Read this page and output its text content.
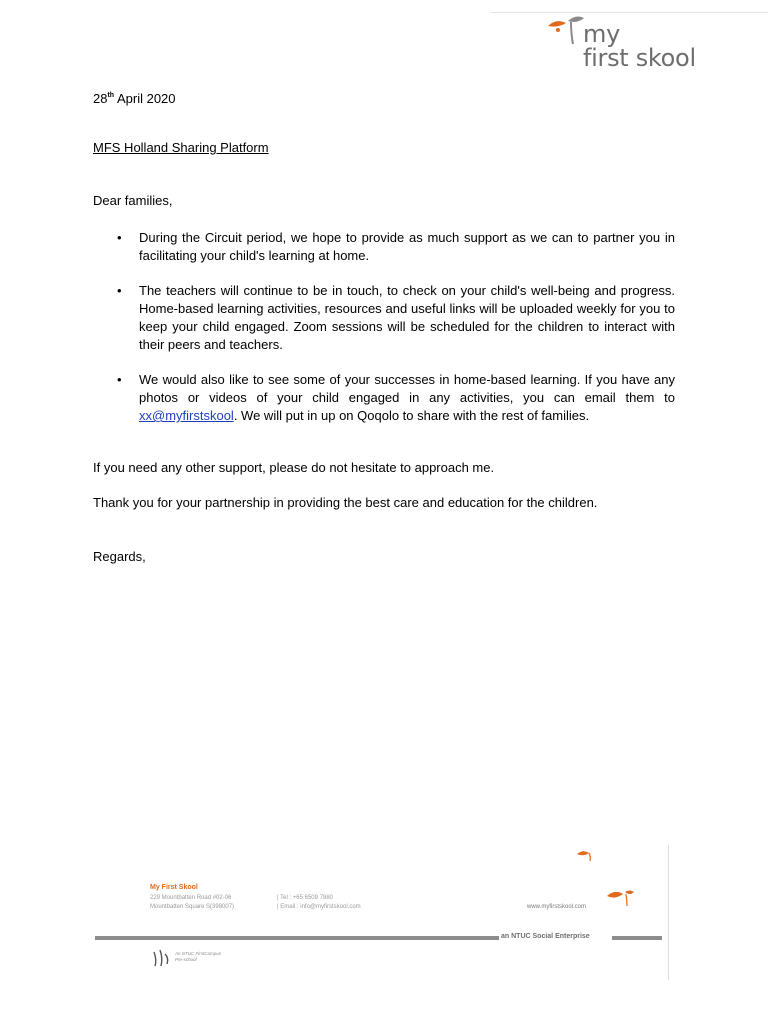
my
first skool
28th April 2020
MFS Holland Sharing Platform
Dear families,
• During the Circuit period, we hope to provide as much support as we can to partner you in facilitating your child's learning at home.
• The teachers will continue to be in touch, to check on your child's well-being and progress. Home-based learning activities, resources and useful links will be uploaded weekly for you to keep your child engaged. Zoom sessions will be scheduled for the children to interact with their peers and teachers.
• We would also like to see some of your successes in home-based learning. If you have any photos or videos of your child engaged in any activities, you can email them to xx@myfirstskool. We will put in up on Qoqolo to share with the rest of families.
If you need any other support, please do not hesitate to approach me.
Thank you for your partnership in providing the best care and education for the children.
Regards,
My First Skool
229 Mountbatten Road #02-06
Mountbatten Square S(398007)
| Tel : +65 6509 7880
| Email : info@myfirstskool.com	www.myfirstskool.com
an NTUC Social Enterprise
An NTUC FirstCampus
Pre-school
